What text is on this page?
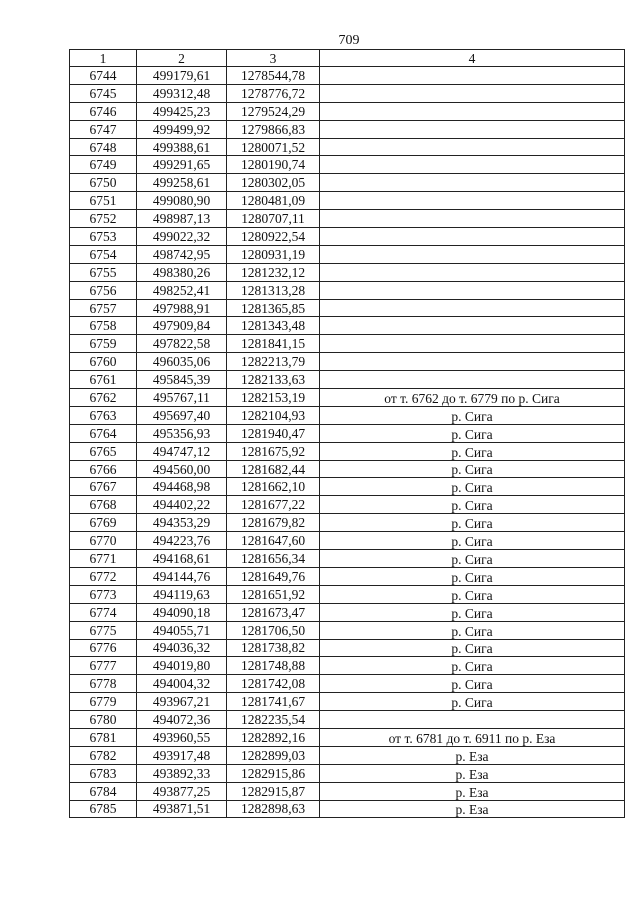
709
1	2	3	4
6744	499179,61	1278544,78	
6745	499312,48	1278776,72	
6746	499425,23	1279524,29	
6747	499499,92	1279866,83	
6748	499388,61	1280071,52	
6749	499291,65	1280190,74	
6750	499258,61	1280302,05	
6751	499080,90	1280481,09	
6752	498987,13	1280707,11	
6753	499022,32	1280922,54	
6754	498742,95	1280931,19	
6755	498380,26	1281232,12	
6756	498252,41	1281313,28	
6757	497988,91	1281365,85	
6758	497909,84	1281343,48	
6759	497822,58	1281841,15	
6760	496035,06	1282213,79	
6761	495845,39	1282133,63	
6762	495767,11	1282153,19	от т. 6762 до т. 6779 по р. Сига
6763	495697,40	1282104,93	р. Сига
6764	495356,93	1281940,47	р. Сига
6765	494747,12	1281675,92	р. Сига
6766	494560,00	1281682,44	р. Сига
6767	494468,98	1281662,10	р. Сига
6768	494402,22	1281677,22	р. Сига
6769	494353,29	1281679,82	р. Сига
6770	494223,76	1281647,60	р. Сига
6771	494168,61	1281656,34	р. Сига
6772	494144,76	1281649,76	р. Сига
6773	494119,63	1281651,92	р. Сига
6774	494090,18	1281673,47	р. Сига
6775	494055,71	1281706,50	р. Сига
6776	494036,32	1281738,82	р. Сига
6777	494019,80	1281748,88	р. Сига
6778	494004,32	1281742,08	р. Сига
6779	493967,21	1281741,67	р. Сига
6780	494072,36	1282235,54	
6781	493960,55	1282892,16	от т. 6781 до т. 6911 по р. Еза
6782	493917,48	1282899,03	р. Еза
6783	493892,33	1282915,86	р. Еза
6784	493877,25	1282915,87	р. Еза
6785	493871,51	1282898,63	р. Еза
